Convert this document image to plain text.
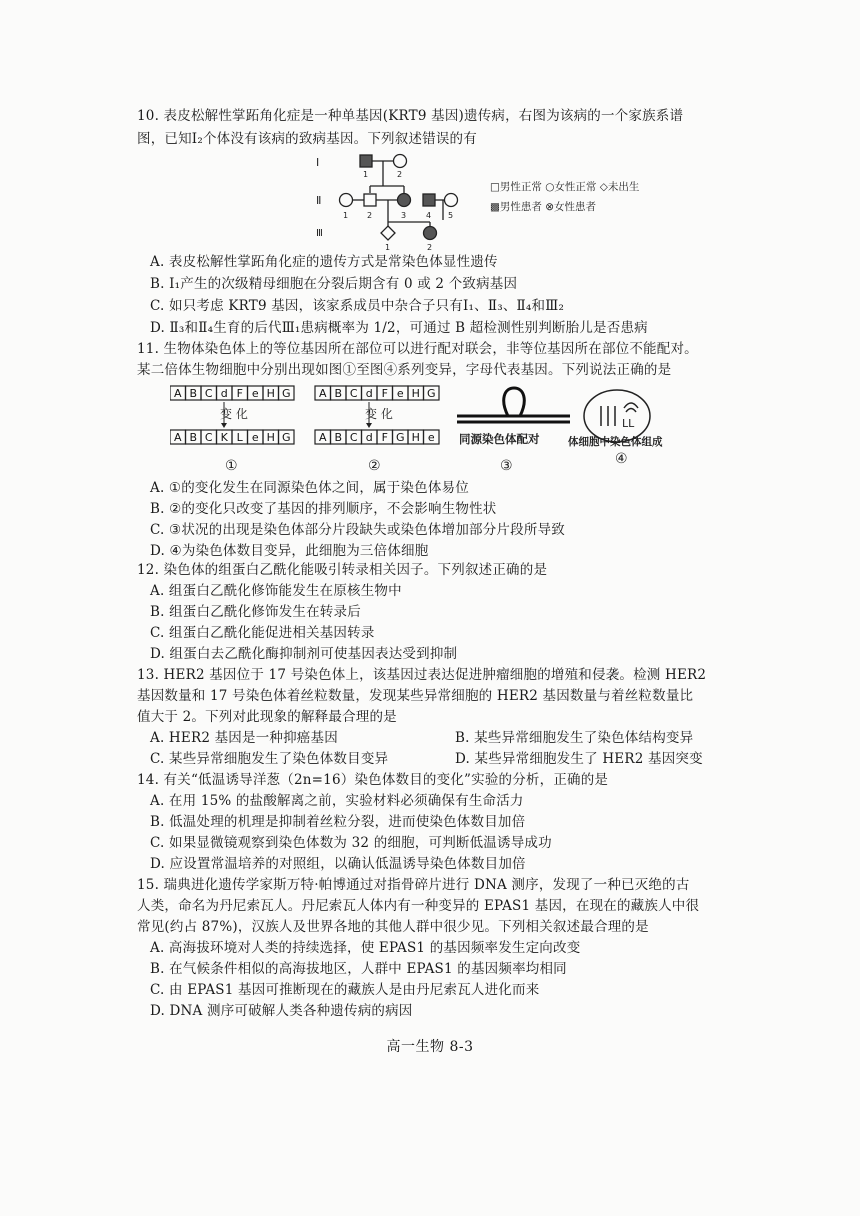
10. 表皮松解性掌跖角化症是一种单基因(KRT9 基因)遗传病，右图为该病的一个家族系谱
图，已知Ⅰ₂个体没有该病的致病基因。下列叙述错误的有
Ⅰ
1	2
Ⅱ
1 2	3 4 5
Ⅲ
1	2
□男性正常 ○女性正常 ◇未出生
▩男性患者 ⊗女性患者
A. 表皮松解性掌跖角化症的遗传方式是常染色体显性遗传
B. Ⅰ₁产生的次级精母细胞在分裂后期含有 0 或 2 个致病基因
C. 如只考虑 KRT9 基因，该家系成员中杂合子只有Ⅰ₁、Ⅱ₃、Ⅱ₄和Ⅲ₂
D. Ⅱ₃和Ⅱ₄生育的后代Ⅲ₁患病概率为 1/2，可通过 B 超检测性别判断胎儿是否患病
11. 生物体染色体上的等位基因所在部位可以进行配对联会，非等位基因所在部位不能配对。
某二倍体生物细胞中分别出现如图①至图④系列变异，字母代表基因。下列说法正确的是
A B C d F e H G
A B C K L e H G
A B C d F e H G
A B C d F G H e
变 化	变 化
同源染色体配对
LL
体细胞中染色体组成
①	②	③	④
A. ①的变化发生在同源染色体之间，属于染色体易位
B. ②的变化只改变了基因的排列顺序，不会影响生物性状
C. ③状况的出现是染色体部分片段缺失或染色体增加部分片段所导致
D. ④为染色体数目变异，此细胞为三倍体细胞
12. 染色体的组蛋白乙酰化能吸引转录相关因子。下列叙述正确的是
A. 组蛋白乙酰化修饰能发生在原核生物中
B. 组蛋白乙酰化修饰发生在转录后
C. 组蛋白乙酰化能促进相关基因转录
D. 组蛋白去乙酰化酶抑制剂可使基因表达受到抑制
13. HER2 基因位于 17 号染色体上，该基因过表达促进肿瘤细胞的增殖和侵袭。检测 HER2
基因数量和 17 号染色体着丝粒数量，发现某些异常细胞的 HER2 基因数量与着丝粒数量比
值大于 2。下列对此现象的解释最合理的是
A. HER2 基因是一种抑癌基因	B. 某些异常细胞发生了染色体结构变异
C. 某些异常细胞发生了染色体数目变异	D. 某些异常细胞发生了 HER2 基因突变
14. 有关“低温诱导洋葱（2n=16）染色体数目的变化”实验的分析，正确的是
A. 在用 15% 的盐酸解离之前，实验材料必须确保有生命活力
B. 低温处理的机理是抑制着丝粒分裂，进而使染色体数目加倍
C. 如果显微镜观察到染色体数为 32 的细胞，可判断低温诱导成功
D. 应设置常温培养的对照组，以确认低温诱导染色体数目加倍
15. 瑞典进化遗传学家斯万特·帕博通过对指骨碎片进行 DNA 测序，发现了一种已灭绝的古
人类，命名为丹尼索瓦人。丹尼索瓦人体内有一种变异的 EPAS1 基因，在现在的藏族人中很
常见(约占 87%)，汉族人及世界各地的其他人群中很少见。下列相关叙述最合理的是
A. 高海拔环境对人类的持续选择，使 EPAS1 的基因频率发生定向改变
B. 在气候条件相似的高海拔地区，人群中 EPAS1 的基因频率均相同
C. 由 EPAS1 基因可推断现在的藏族人是由丹尼索瓦人进化而来
D. DNA 测序可破解人类各种遗传病的病因
高一生物 8-3
